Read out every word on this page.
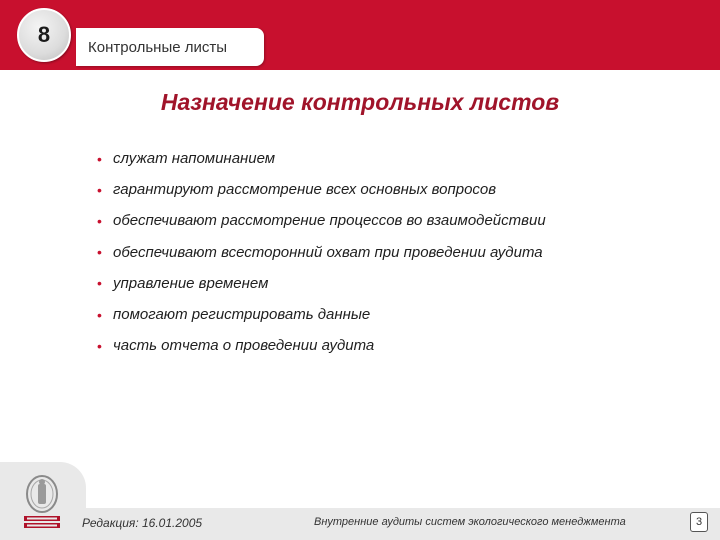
8	Контрольные листы
Назначение контрольных листов
• служат напоминанием
• гарантируют рассмотрение всех основных вопросов
• обеспечивают рассмотрение процессов во взаимодействии
• обеспечивают всесторонний охват при проведении аудита
• управление временем
• помогают регистрировать данные
• часть отчета о проведении аудита
Редакция: 16.01.2005	Внутренние аудиты систем экологического менеджмента	3
